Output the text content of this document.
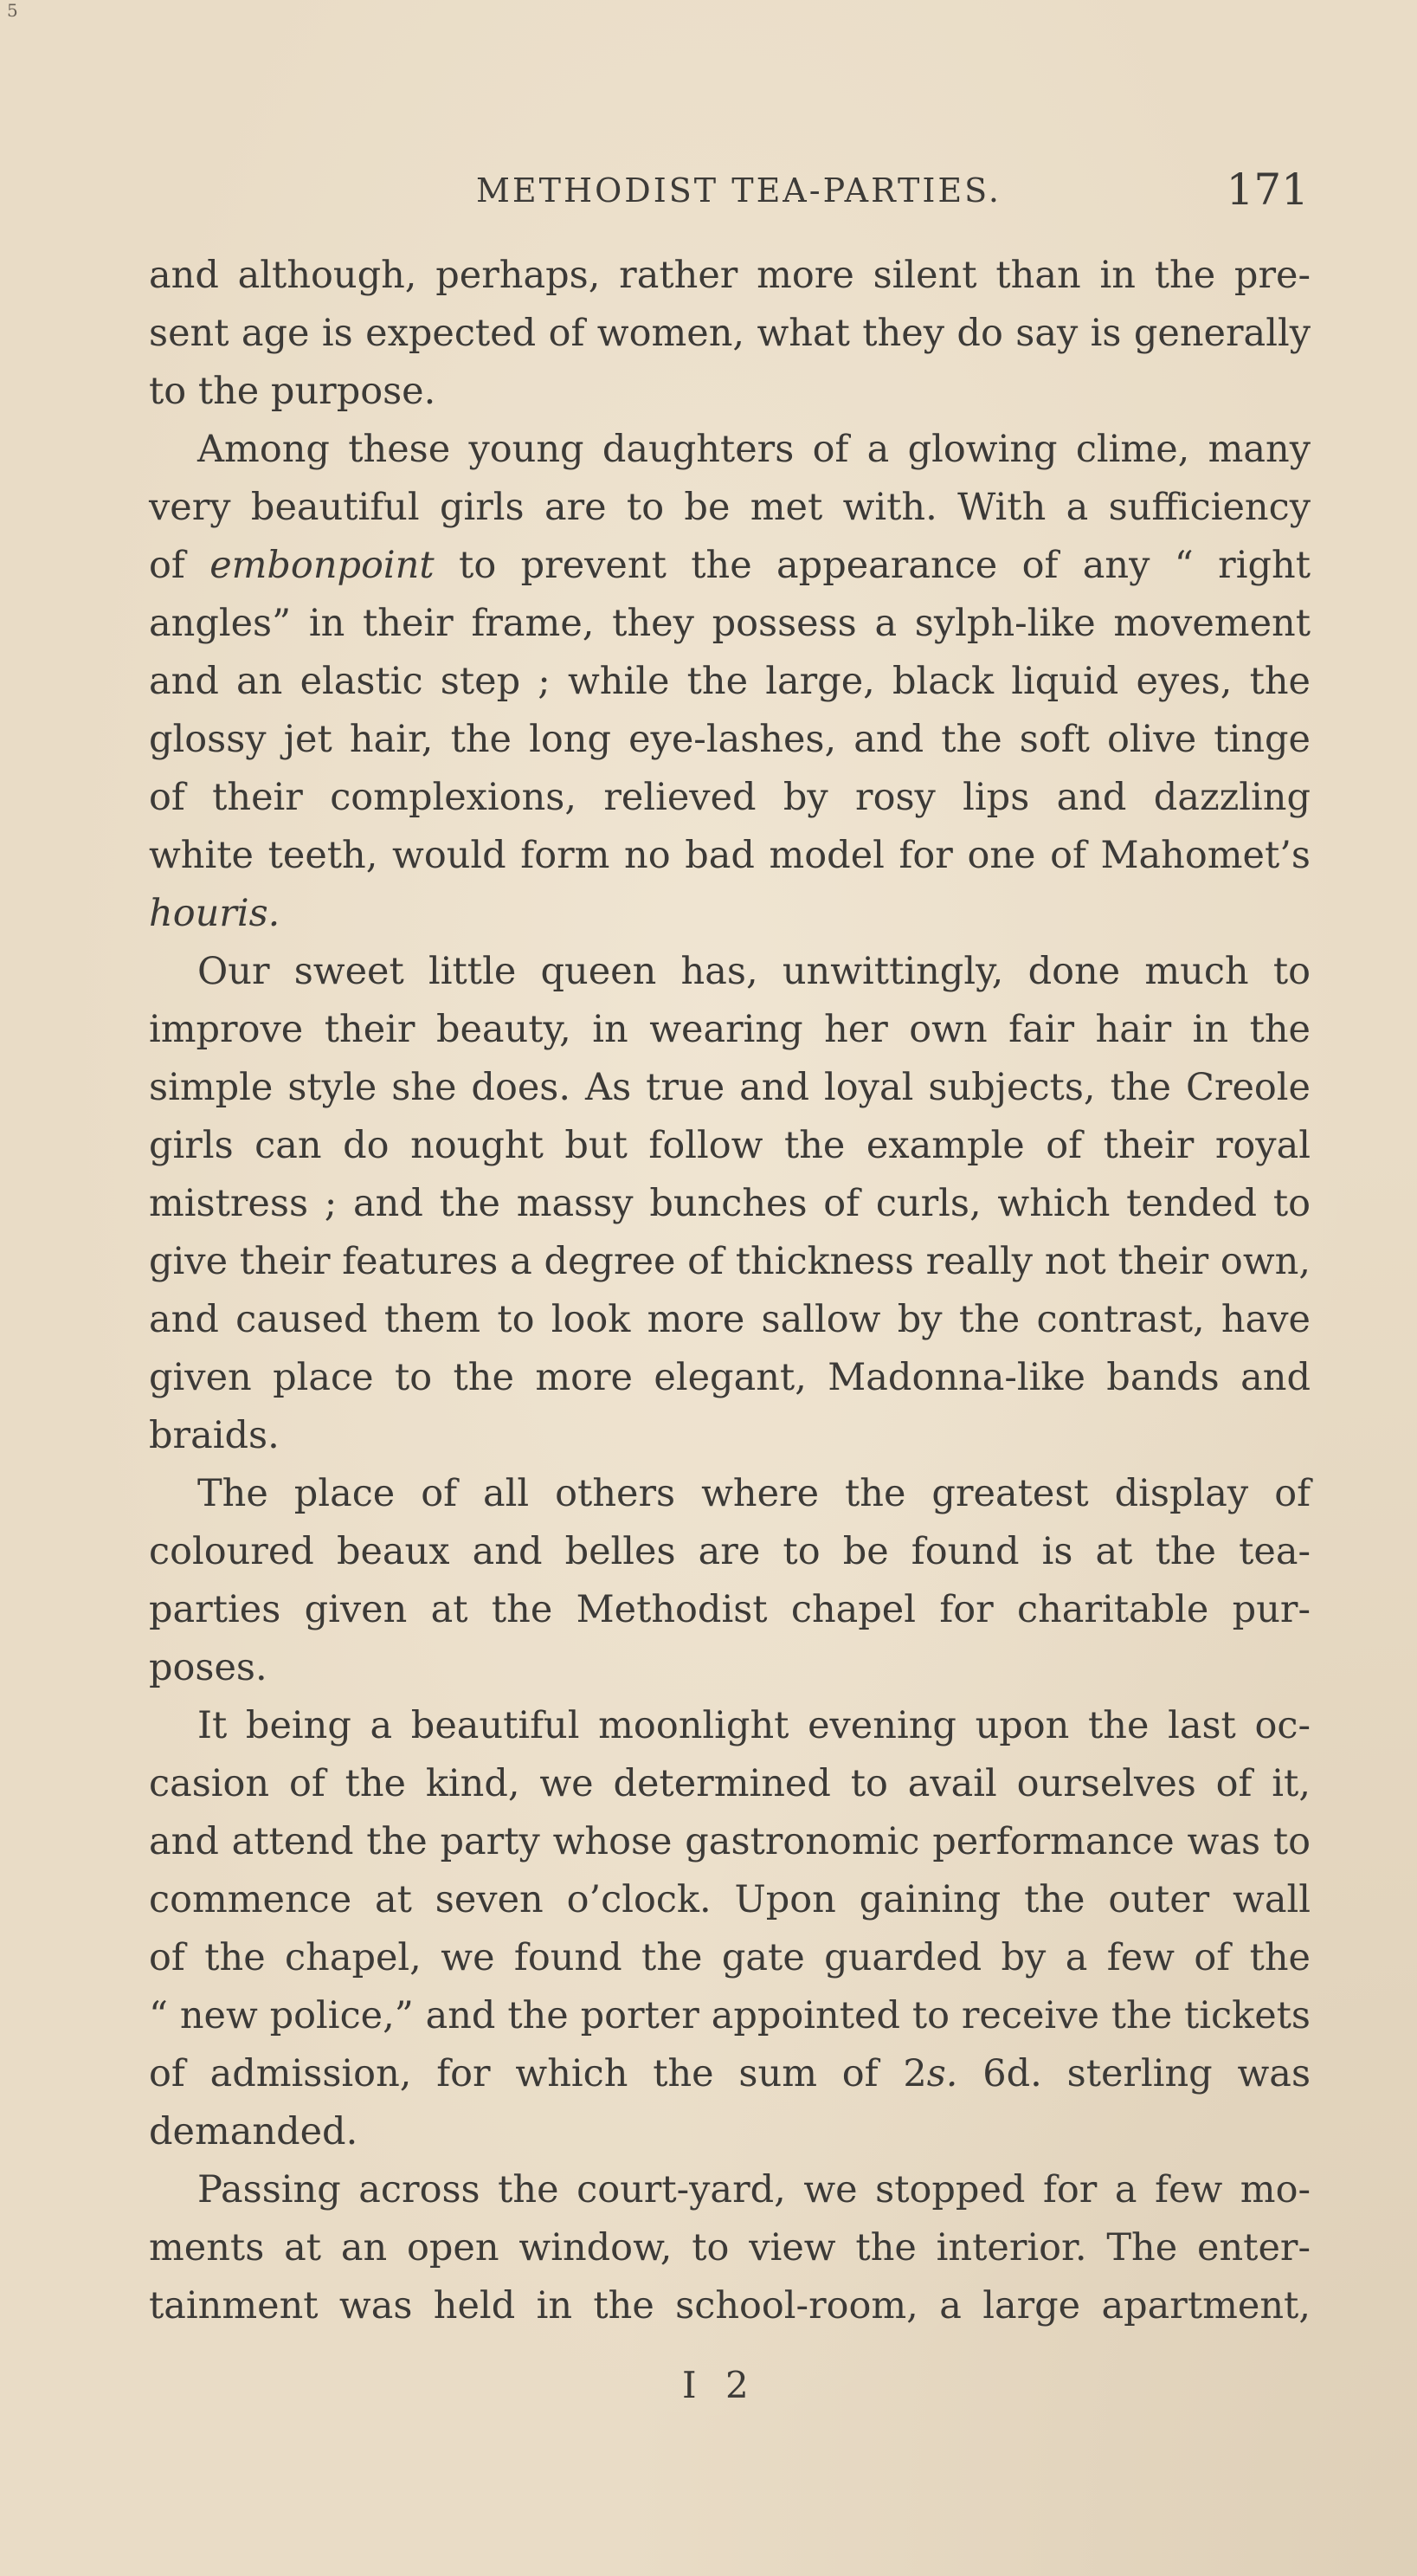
5
METHODIST TEA-PARTIES.	171
and although, perhaps, rather more silent than in the pre-
sent age is expected of women, what they do say is generally
to the purpose.
Among these young daughters of a glowing clime, many
very beautiful girls are to be met with. With a sufficiency
of embonpoint to prevent the appearance of any “ right
angles” in their frame, they possess a sylph-like movement
and an elastic step ; while the large, black liquid eyes, the
glossy jet hair, the long eye-lashes, and the soft olive tinge
of their complexions, relieved by rosy lips and dazzling
white teeth, would form no bad model for one of Mahomet’s
houris.
Our sweet little queen has, unwittingly, done much to
improve their beauty, in wearing her own fair hair in the
simple style she does. As true and loyal subjects, the Creole
girls can do nought but follow the example of their royal
mistress ; and the massy bunches of curls, which tended to
give their features a degree of thickness really not their own,
and caused them to look more sallow by the contrast, have
given place to the more elegant, Madonna-like bands and
braids.
The place of all others where the greatest display of
coloured beaux and belles are to be found is at the tea-
parties given at the Methodist chapel for charitable pur-
poses.
It being a beautiful moonlight evening upon the last oc-
casion of the kind, we determined to avail ourselves of it,
and attend the party whose gastronomic performance was to
commence at seven o’clock. Upon gaining the outer wall
of the chapel, we found the gate guarded by a few of the
“ new police,” and the porter appointed to receive the tickets
of admission, for which the sum of 2s. 6d. sterling was
demanded.
Passing across the court-yard, we stopped for a few mo-
ments at an open window, to view the interior. The enter-
tainment was held in the school-room, a large apartment,
I 2
